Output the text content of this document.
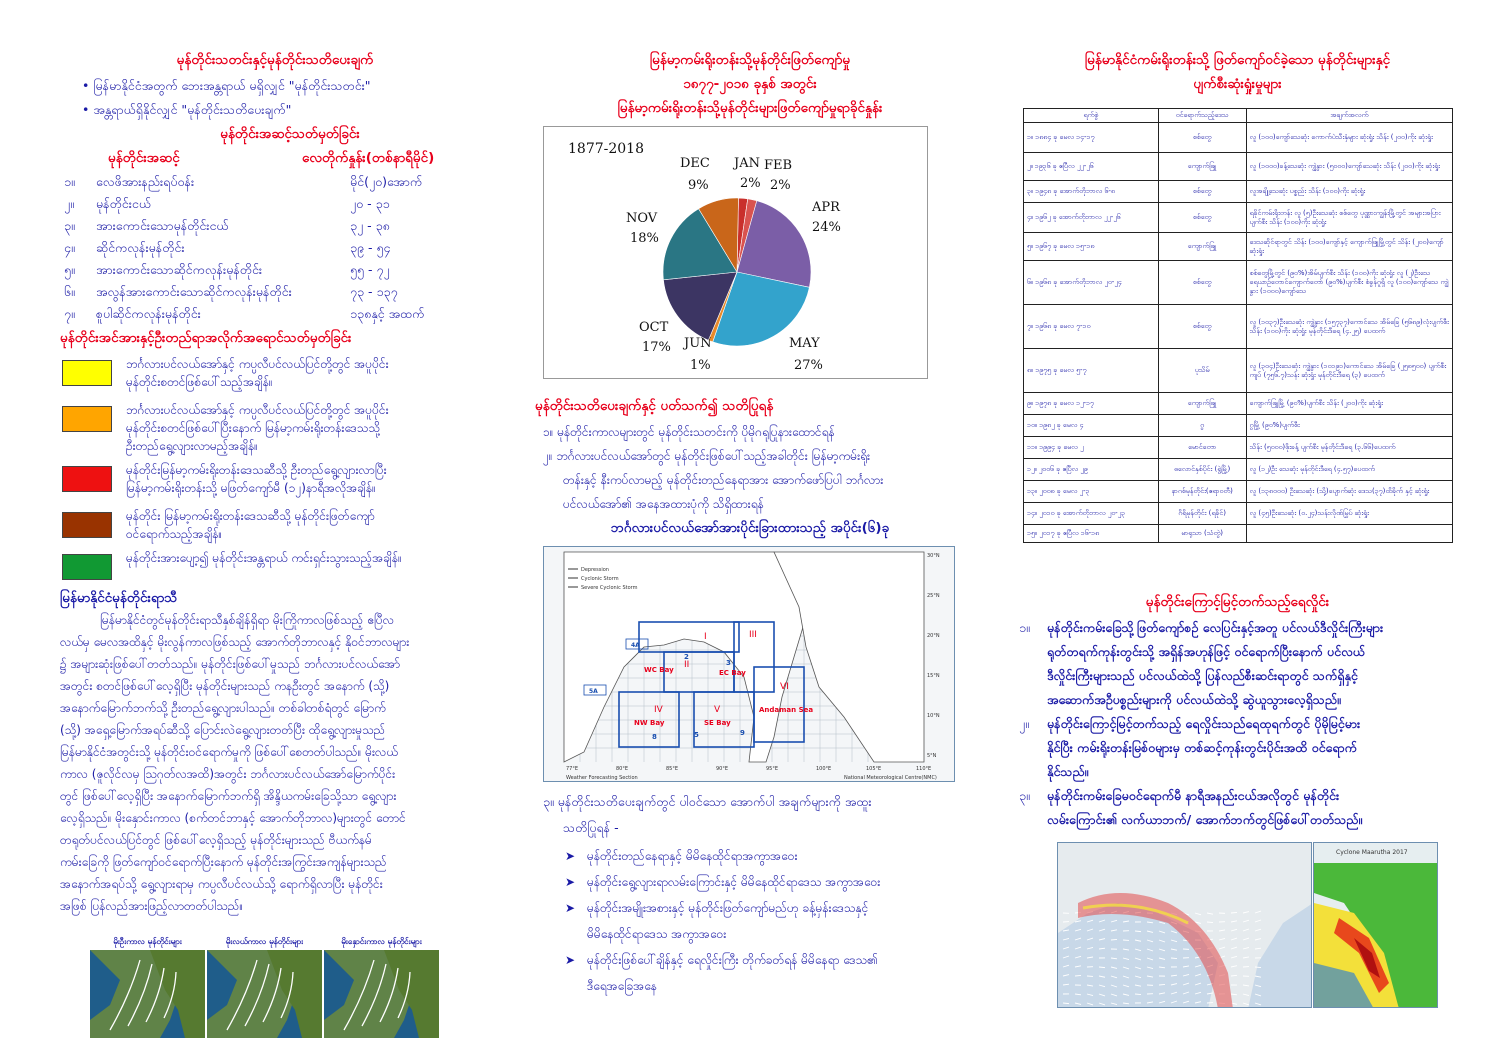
မုန်တိုင်းသတင်းနှင့်မုန်တိုင်းသတိပေးချက်
• မြန်မာနိုင်ငံအတွက် ဘေးအန္တရာယ် မရှိလျှင် "မုန်တိုင်းသတင်း"
• အန္တရာယ်ရှိနိုင်လျှင် "မုန်တိုင်းသတိပေးချက်"
မုန်တိုင်းအဆင့်သတ်မှတ်ခြင်း
မုန်တိုင်းအဆင့်	လေတိုက်နှုန်း(တစ်နာရီမိုင်)
၁။ လေဖိအားနည်းရပ်ဝန်း	မိုင်(၂၀)အောက်
၂။ မုန်တိုင်းငယ်	၂၀ - ၃၁
၃။ အားကောင်းသောမုန်တိုင်းငယ်	၃၂ - ၃၈
၄။ ဆိုင်ကလုန်းမုန်တိုင်း	၃၉ - ၅၄
၅။ အားကောင်းသောဆိုင်ကလုန်းမုန်တိုင်း	၅၅ - ၇၂
၆။ အလွန်အားကောင်းသောဆိုင်ကလုန်းမုန်တိုင်း	၇၃ - ၁၃၇
၇။ စူပါဆိုင်ကလုန်းမုန်တိုင်း	၁၃၈နှင့် အထက်
မုန်တိုင်းအင်အားနှင့်ဦးတည်ရာအလိုက်အရောင်သတ်မှတ်ခြင်း
ဘင်္ဂလားပင်လယ်အော်နှင့် ကပ္ပလီပင်လယ်ပြင်တို့တွင် အပူပိုင်း
မုန်တိုင်းစတင်ဖြစ်ပေါ်သည့်အချိန်။
ဘင်္ဂလားပင်လယ်အော်နှင့် ကပ္ပလီပင်လယ်ပြင်တို့တွင် အပူပိုင်း
မုန်တိုင်းစတင်ဖြစ်ပေါ်ပြီးနောက် မြန်မာ့ကမ်းရိုးတန်းဒေသသို့
ဦးတည်ရွေ့လျားလာမည့်အချိန်။
မုန်တိုင်းမြန်မာ့ကမ်းရိုးတန်းဒေသဆီသို့ ဦးတည်ရွေ့လျားလာပြီး
မြန်မာ့ကမ်းရိုးတန်းသို့ မဖြတ်ကျော်မီ (၁၂)နာရီအလိုအချိန်။
မုန်တိုင်း မြန်မာ့ကမ်းရိုးတန်းဒေသဆီသို့ မုန်တိုင်းဖြတ်ကျော်
ဝင်ရောက်သည့်အချိန်။
မုန်တိုင်းအားပျော့၍ မုန်တိုင်းအန္တရာယ် ကင်းရှင်းသွားသည့်အချိန်။
မြန်မာနိုင်ငံမုန်တိုင်းရာသီ
မြန်မာနိုင်ငံတွင်မုန်တိုင်းရာသီနှစ်ချိန်ရှိရာ မိုးကြိုကာလဖြစ်သည့် ဧပြီလ
လယ်မှ မေလအထိနှင့် မိုးလွန်ကာလဖြစ်သည့် အောက်တိုဘာလနှင့် နိုဝင်ဘာလများ
၌ အများဆုံးဖြစ်ပေါ်တတ်သည်။ မုန်တိုင်းဖြစ်ပေါ်မှုသည် ဘင်္ဂလားပင်လယ်အော်
အတွင်း စတင်ဖြစ်ပေါ်လေ့ရှိပြီး မုန်တိုင်းများသည် ကနဦးတွင် အနောက် (သို့)
အနောက်မြောက်ဘက်သို့ ဦးတည်ရွေ့လျားပါသည်။ တစ်ခါတစ်ရံတွင် မြောက်
(သို့) အရှေ့မြောက်အရပ်ဆီသို့ ပြောင်းလဲရွေ့လျားတတ်ပြီး ထိုရွေ့လျားမှုသည်
မြန်မာနိုင်ငံအတွင်းသို့ မုန်တိုင်းဝင်ရောက်မှုကို ဖြစ်ပေါ်စေတတ်ပါသည်။ မိုးလယ်
ကာလ (ဇူလိုင်လမှ ဩဂုတ်လအထိ)အတွင်း ဘင်္ဂလားပင်လယ်အော်မြောက်ပိုင်း
တွင် ဖြစ်ပေါ်လေ့ရှိပြီး အနောက်မြောက်ဘက်ရှိ အိန္ဒိယကမ်းခြေသို့သာ ရွေ့လျား
လေ့ရှိသည်။ မိုးနှောင်းကာလ (စက်တင်ဘာနှင့် အောက်တိုဘာလ)များတွင် တောင်
တရုတ်ပင်လယ်ပြင်တွင် ဖြစ်ပေါ်လေ့ရှိသည့် မုန်တိုင်းများသည် ဗီယက်နမ်
ကမ်းခြေကို ဖြတ်ကျော်ဝင်ရောက်ပြီးနောက် မုန်တိုင်းအကြွင်းအကျန်များသည်
အနောက်အရပ်သို့ ရွေ့လျားရာမှ ကပ္ပလီပင်လယ်သို့ ရောက်ရှိလာပြီး မုန်တိုင်း
အဖြစ် ပြန်လည်အားဖြည့်လာတတ်ပါသည်။
မိုးဦးကာလ မုန်တိုင်းများ	မိုးလယ်ကာလ မုန်တိုင်းများ	မိုးနှောင်းကာလ မုန်တိုင်းများ
မြန်မာ့ကမ်းရိုးတန်းသို့မုန်တိုင်းဖြတ်ကျော်မှု
၁၈၇၇-၂၀၁၈ ခုနှစ် အတွင်း
မြန်မာ့ကမ်းရိုးတန်းသို့မုန်တိုင်းများဖြတ်ကျော်မှုရာခိုင်နှုန်း
1877-2018
JAN
2%
FEB
2%
APR
24%
MAY
27%
JUN
1%
OCT
17%
NOV
18%
DEC
9%
မုန်တိုင်းသတိပေးချက်နှင့် ပတ်သက်၍ သတိပြုရန်
၁။ မုန်တိုင်းကာလများတွင် မုန်တိုင်းသတင်းကို ပိုမိုဂရုပြုနားထောင်ရန်
၂။ ဘင်္ဂလားပင်လယ်အော်တွင် မုန်တိုင်းဖြစ်ပေါ်သည့်အခါတိုင်း မြန်မာ့ကမ်းရိုး
တန်းနှင့် နီးကပ်လာမည့် မုန်တိုင်းတည်နေရာအား အောက်ဖော်ပြပါ ဘင်္ဂလား
ပင်လယ်အော်၏ အနေအထားပုံကို သိရှိထားရန်
ဘင်္ဂလားပင်လယ်အော်အားပိုင်းခြားထားသည့် အပိုင်း(၆)ခု
I
II
III
IV	V
VI
WC Bay	EC Bay
NW Bay	SE Bay
Andaman Sea
Depression
Cyclonic Storm
Severe Cyclonic Storm
77°E	80°E	85°E	90°E	95°E	100°E	105°E	110°E
30°N
25°N
20°N
15°N
10°N
5°N
Weather Forecasting Section	National Meteorological Centre(NMC)
4A
5A
2
3
5
8	9
၃။ မုန်တိုင်းသတိပေးချက်တွင် ပါဝင်သော အောက်ပါ အချက်များကို အထူး
သတိပြုရန် -
➤ မုန်တိုင်းတည်နေရာနှင့် မိမိနေထိုင်ရာအကွာအဝေး
➤ မုန်တိုင်းရွေ့လျားရာလမ်းကြောင်းနှင့် မိမိနေထိုင်ရာဒေသ အကွာအဝေး
➤ မုန်တိုင်းအမျိုးအစားနှင့် မုန်တိုင်းဖြတ်ကျော်မည်ဟု ခန့်မှန်းဒေသနှင့်
မိမိနေထိုင်ရာဒေသ အကွာအဝေး
➤ မုန်တိုင်းဖြစ်ပေါ်ချိန်နှင့် ရေလှိုင်းကြီး တိုက်ခတ်ရန် မိမိနေရာ ဒေသ၏
ဒီရေအခြေအနေ
မြန်မာနိုင်ငံကမ်းရိုးတန်းသို့ ဖြတ်ကျော်ဝင်ခဲ့သော မုန်တိုင်းများနှင့်
ပျက်စီးဆုံးရှုံးမှုများ
ရက်စွဲ	ဝင်ရောက်သည့်ဒေသ	အချက်အလက်
၁။ ၁၈၈၄ ခု မေလ ၁၄-၁၇	စစ်တွေ	လူ (၁၀၀)ကျော်သေဆုံး ကောက်ပဲသီးနှံများ ဆုံးရှုံး သိန်း (၂၀၀)ကိုး ဆုံးရှုံး
၂။ ၁၉၃၆ ခု ဧပြီလ ၂၂-၂၆	ကျောက်ဖြူ	လူ (၁၀၀၀)ခန့်သေဆုံး ကျွဲနွား (၅၀၀၀)ကျော်သေဆုံး သိန်း (၂၀၀)ကိုး ဆုံးရှုံး
၃။ ၁၉၄၈ ခု အောက်တိုဘာလ ၆-၈	စစ်တွေ	လူအချို့သေဆုံး ပစ္စည်း သိန်း (၁၀၀)ကိုး ဆုံးရှုံး
၄။ ၁၉၆၂ ခု အောက်တိုဘာလ ၂၂-၂၆	စစ်တွေ	ရခိုင်ကမ်းရိုးတန်း လူ (၅)ဦးသေဆုံး စစ်တွေ ပုဏ္ဏားကျွန်းမြို့တွင် အများအပြားပျက်စီး သိန်း (၁၀၀)ကိုး ဆုံးရှုံး
၅။ ၁၉၆၇ ခု မေလ ၁၅-၁၈	ကျောက်ဖြူ	ဒေသဆိုင်ရာတွင် သိန်း (၁၀၀)ကျော်နှင့် ကျောက်ဖြူမြို့တွင် သိန်း (၂၀၀)ကျော် ဆုံးရှုံး
၆။ ၁၉၆၈ ခု အောက်တိုဘာလ ၂၀-၂၄	စစ်တွေ	စစ်တွေမြို့တွင် (၉၀%)အိမ်ပျက်စီး သိန်း (၁၀၀)ကိုး ဆုံးရှုံး လူ (၂)ဦးသေ ရေယာဉ်တောင်ကျောက်တော် (၉၀%)ပျက်စီး စံခွန်ဂူရှိ လူ (၁၀၀)ကျော်သေ ကျွဲနွား (၁၀၀၀)ကျော်သေ
၇။ ၁၉၆၈ ခု မေလ ၇-၁၀	စစ်တွေ	လူ (၁၀၃၇)ဦးသေဆုံး ကျွဲနွား (၁၅၇၃၇)ကောင်သေ အိမ်ခြေ (၅၆၈၉)လုံးပျက်စီး သိန်း (၁၀၀)ကိုး ဆုံးရှုံး မုန်တိုင်းဒီရေ (၄.၂၅) ပေထက်
၈။ ၁၉၇၅ ခု မေလ ၅-၇	ပုသိမ်	လူ (၃၀၄)ဦးသေဆုံး ကျွဲနွား (၁၀၁၉၁)ကောင်သေ အိမ်ခြေ (၂၅၈၅၀၀) ပျက်စီး ကျပ် (၇၅၆.၇)သန်း ဆုံးရှုံး မုန်တိုင်းဒီရေ (၃) ပေထက်
၉။ ၁၉၇၈ ခု မေလ ၁၂-၁၇	ကျောက်ဖြူ	ကျောက်ဖြူမြို့ (၉၀%)ပျက်စီး သိန်း (၂၀၀)ကိုး ဆုံးရှုံး
၁၀။ ၁၉၈၂ ခု မေလ ၄	ဂွ	ဂွမြို့ (၉၀%)ပျက်စီး
၁၁။ ၁၉၉၄ ခု မေလ ၂	မောင်တော	သိန်း (၅၀၀၀)ဖိုးခန့် ပျက်စီး မုန်တိုင်းဒီရေ (၃.၆၆)ပေထက်
၁၂။ ၂၀၀၆ ခု ဧပြီလ ၂၉	ဓလောင်နှစ်ပိုင်း (ရွဲမြို့)	လူ (၁၂)ဦး သေဆုံး မုန်တိုင်းဒီရေ (၄.၅၇)ပေထက်
၁၃။ ၂၀၀၈ ခု မေလ ၂-၃	နာဂစ်မုန်တိုင်း(ဧရာဝတီ)	လူ (၁၃၈၀၀၀) ဦးသေဆုံး (သို့)ပျောက်ဆုံး ဒေသ(၃၇)ထိခိုက် နှင့် ဆုံးရှုံး
၁၄။ ၂၀၁၀ ခု အောက်တိုဘာလ ၂၀-၂၃	ဂိရိမုန်တိုင်း (ရခိုင်)	လူ (၄၅)ဦးသေဆုံး (၀.၂၄)သန်းလိုဏ်မြှပ် ဆုံးရှုံး
၁၅။ ၂၀၁၇ ခု ဧပြီလ ၁၆-၁၈	မာရုသာ (သံတွဲ)	
မုန်တိုင်းကြောင့်မြင့်တက်သည့်ရေလှိုင်း
၁။ မုန်တိုင်းကမ်းခြေသို့ဖြတ်ကျော်စဉ် လေပြင်းနှင့်အတူ ပင်လယ်ဒီလှိုင်းကြီးများ
ရုတ်တရက်ကုန်းတွင်းသို့ အရှိန်အဟုန်ဖြင့် ဝင်ရောက်ပြီးနောက် ပင်လယ်
ဒီလှိုင်းကြီးများသည် ပင်လယ်ထဲသို့ ပြန်လည်စီးဆင်းရာတွင် သက်ရှိနှင့်
အဆောက်အဦပစ္စည်းများကို ပင်လယ်ထဲသို့ ဆွဲယူသွားလေ့ရှိသည်။
၂။ မုန်တိုင်းကြောင့်မြင့်တက်သည့် ရေလှိုင်းသည်ရေထုရက်တွင် ပိုမိုမြင့်မား
နိုင်ပြီး ကမ်းရိုးတန်းမြစ်ဝများမှ တစ်ဆင့်ကုန်းတွင်းပိုင်းအထိ ဝင်ရောက်
နိုင်သည်။
၃။ မုန်တိုင်းကမ်းခြေမဝင်ရောက်မီ နာရီအနည်းငယ်အလိုတွင် မုန်တိုင်း
လမ်းကြောင်း၏ လက်ယာဘက်/ အောက်ဘက်တွင်ဖြစ်ပေါ်တတ်သည်။
Cyclone Maarutha 2017
